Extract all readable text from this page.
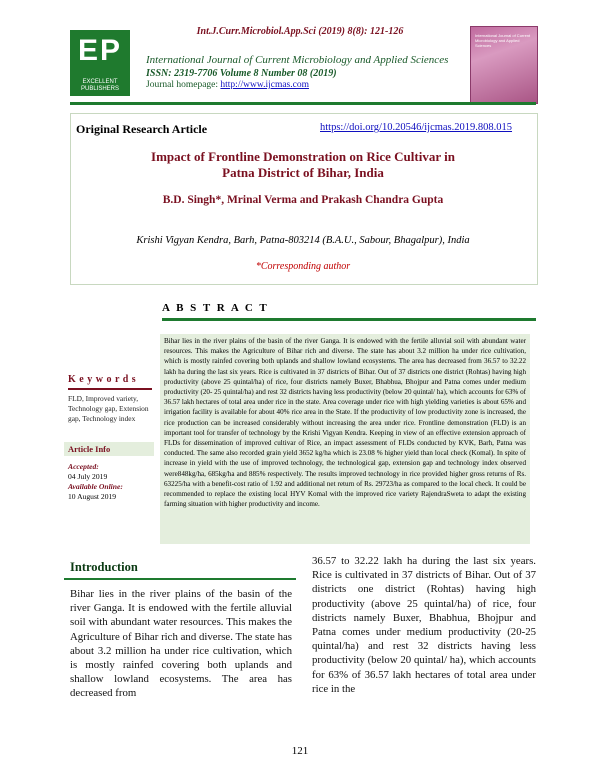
Int.J.Curr.Microbiol.App.Sci (2019) 8(8): 121-126
EP
EXCELLENT PUBLISHERS
International Journal of Current Microbiology and Applied Sciences
ISSN: 2319-7706 Volume 8 Number 08 (2019)
Journal homepage: http://www.ijcmas.com
International Journal of Current Microbiology and Applied Sciences
Original Research Article	https://doi.org/10.20546/ijcmas.2019.808.015
Impact of Frontline Demonstration on Rice Cultivar in
Patna District of Bihar, India
B.D. Singh*, Mrinal Verma and Prakash Chandra Gupta
Krishi Vigyan Kendra, Barh, Patna-803214 (B.A.U., Sabour, Bhagalpur), India
*Corresponding author
A B S T R A C T
Bihar lies in the river plains of the basin of the river Ganga. It is endowed with the fertile alluvial soil with abundant water resources. This makes the Agriculture of Bihar rich and diverse. The state has about 3.2 million ha under rice cultivation, which is mostly rainfed covering both uplands and shallow lowland ecosystems. The area has decreased from 36.57 to 32.22 lakh ha during the last six years. Rice is cultivated in 37 districts of Bihar. Out of 37 districts one district (Rohtas) having high productivity (above 25 quintal/ha) of rice, four districts namely Buxer, Bhabhua, Bhojpur and Patna comes under medium productivity (20- 25 quintal/ha) and rest 32 districts having less productivity (below 20 quintal/ ha), which accounts for 63% of 36.57 lakh hectares of total area under rice in the state. Area coverage under rice with high yielding varieties is about 65% and irrigation facility is available for about 40% rice area in the State. If the productivity of low productivity zone is increased, the rice production can be increased considerably without increasing the area under rice. Frontline demonstration (FLD) is an important tool for transfer of technology by the Krishi Vigyan Kendra. Keeping in view of an effective extension approach of FLDs for dissemination of improved cultivar of Rice, an impact assessment of FLDs conducted by KVK, Barh, Patna was conducted. The same also recorded grain yield 3652 kg/ha which is 23.08 % higher yield than local check (Komal). In spite of increase in yield with the use of improved technology, the technological gap, extension gap and technology index observed were848kg/ha, 685kg/ha and 885% respectively. The results improved technology in rice provided higher gross returns of Rs. 63225/ha with a benefit-cost ratio of 1.92 and additional net return of Rs. 29723/ha as compared to the local check. It could be recommended to replace the existing local HYV Komal with the improved rice variety RajendraSweta to adapt the existing farming situation with higher productivity and income.
K e y w o r d s
FLD, Improved variety, Technology gap, Extension gap, Technology index
Article Info
Accepted:
04 July 2019
Available Online:
10 August 2019
Introduction
Bihar lies in the river plains of the basin of the river Ganga. It is endowed with the fertile alluvial soil with abundant water resources. This makes the Agriculture of Bihar rich and diverse. The state has about 3.2 million ha under rice cultivation, which is mostly rainfed covering both uplands and shallow lowland ecosystems. The area has decreased from
36.57 to 32.22 lakh ha during the last six years. Rice is cultivated in 37 districts of Bihar. Out of 37 districts one district (Rohtas) having high productivity (above 25 quintal/ha) of rice, four districts namely Buxer, Bhabhua, Bhojpur and Patna comes under medium productivity (20-25 quintal/ha) and rest 32 districts having less productivity (below 20 quintal/ ha), which accounts for 63% of 36.57 lakh hectares of total area under rice in the
121
